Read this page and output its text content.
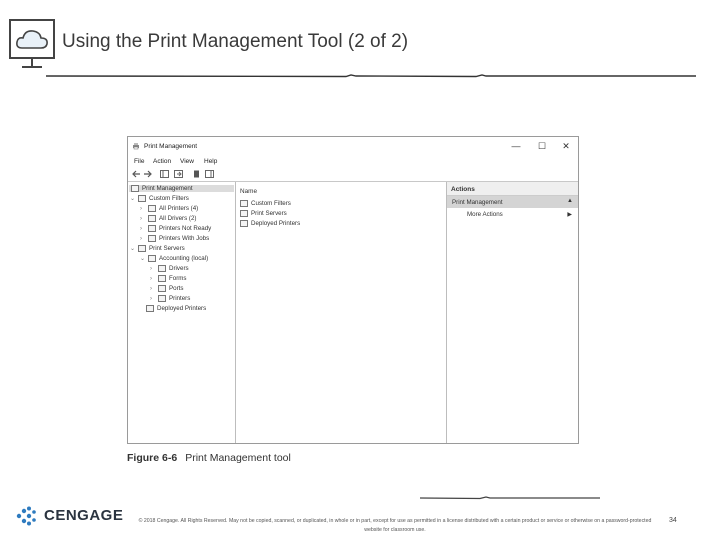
Using the Print Management Tool (2 of 2)
Print Management	— ☐ ✕
File Action View Help
Print Management
⌄ Custom Filters
›	All Printers (4)
›	All Drivers (2)
›	Printers Not Ready
›	Printers With Jobs
⌄ Print Servers
⌄ Accounting (local)
›	Drivers
›	Forms
›	Ports
›	Printers
Deployed Printers
Name
Custom Filters
Print Servers
Deployed Printers
Actions
Print Management	▲
More Actions	▶
Figure 6-6 Print Management tool
CENGAGE	© 2018 Cengage. All Rights Reserved. May not be copied, scanned, or duplicated, in whole or in part, except for use as permitted in a license distributed with a certain product or service or otherwise on a password-protected website for classroom use.
34
